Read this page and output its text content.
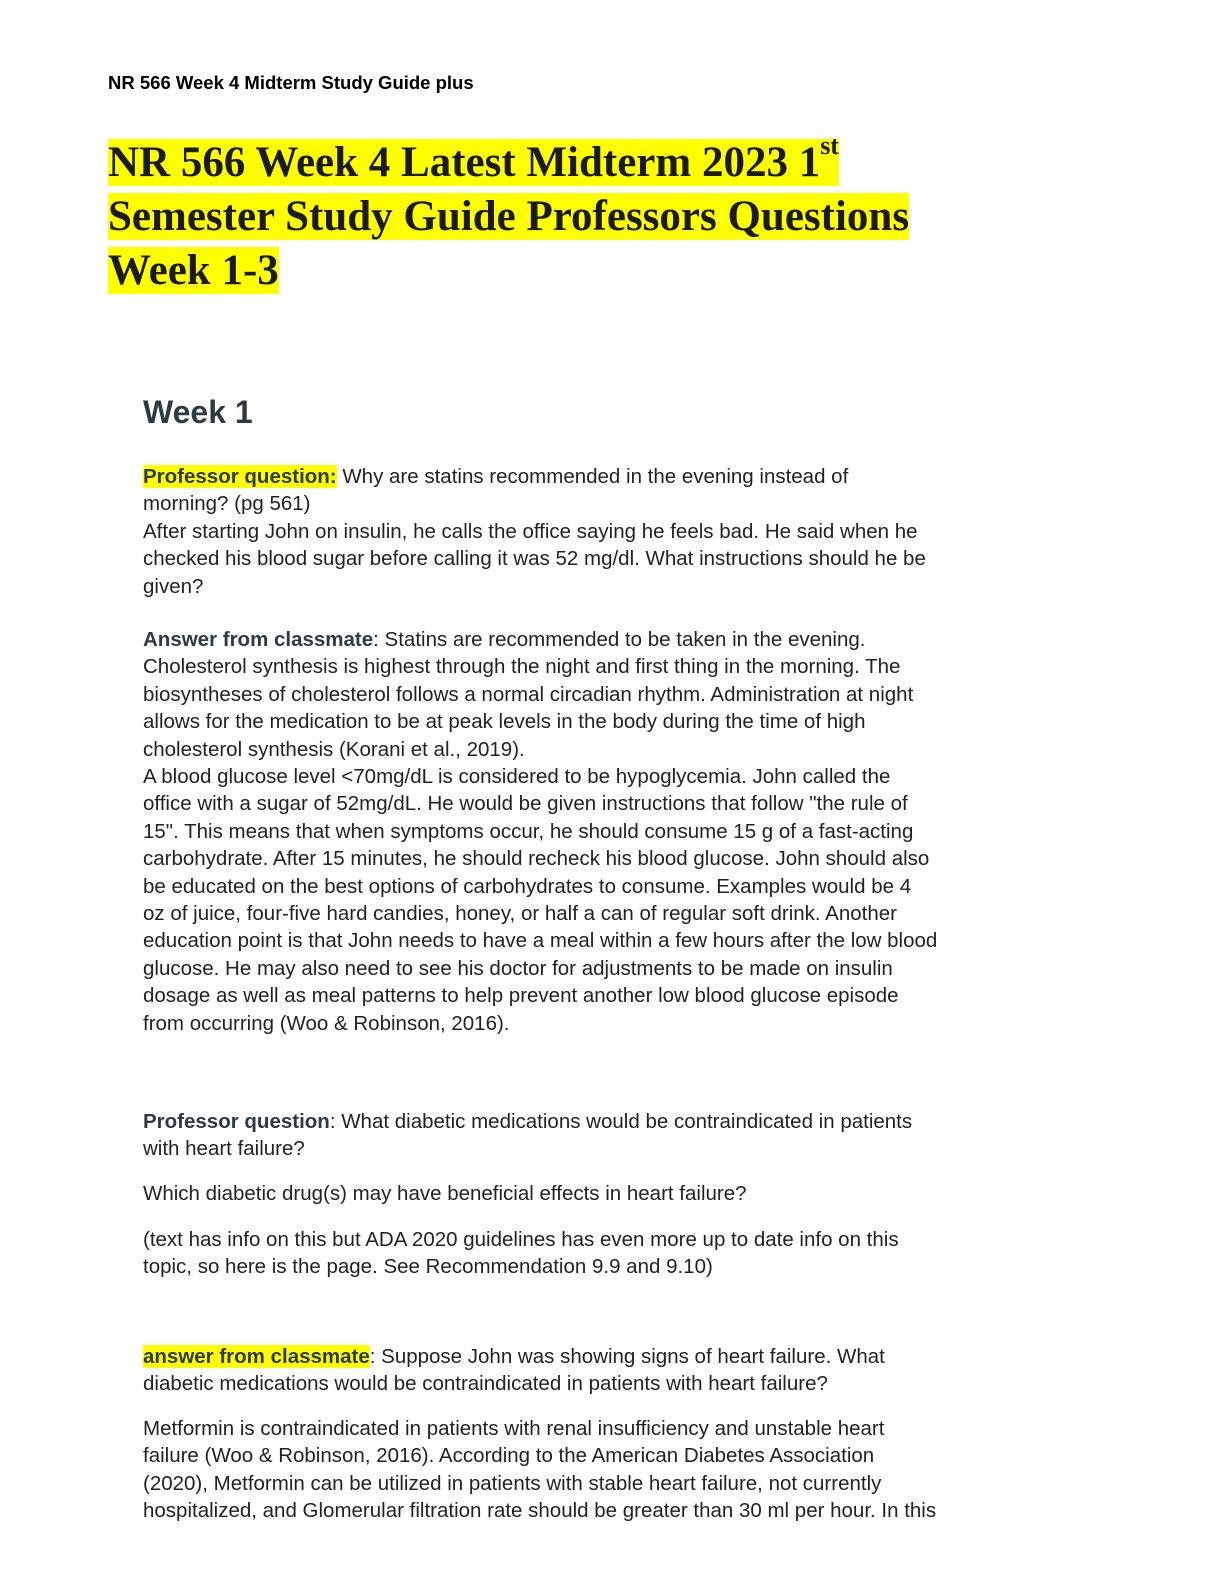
NR 566 Week 4 Midterm Study Guide plus
NR 566 Week 4 Latest Midterm 2023 1st
Semester Study Guide Professors Questions
Week 1-3
Week 1
Professor question: Why are statins recommended in the evening instead of
morning? (pg 561)
After starting John on insulin, he calls the office saying he feels bad. He said when he
checked his blood sugar before calling it was 52 mg/dl. What instructions should he be
given?
Answer from classmate: Statins are recommended to be taken in the evening.
Cholesterol synthesis is highest through the night and first thing in the morning. The
biosyntheses of cholesterol follows a normal circadian rhythm. Administration at night
allows for the medication to be at peak levels in the body during the time of high
cholesterol synthesis (Korani et al., 2019).
A blood glucose level <70mg/dL is considered to be hypoglycemia. John called the
office with a sugar of 52mg/dL. He would be given instructions that follow "the rule of
15". This means that when symptoms occur, he should consume 15 g of a fast-acting
carbohydrate. After 15 minutes, he should recheck his blood glucose. John should also
be educated on the best options of carbohydrates to consume. Examples would be 4
oz of juice, four-five hard candies, honey, or half a can of regular soft drink. Another
education point is that John needs to have a meal within a few hours after the low blood
glucose. He may also need to see his doctor for adjustments to be made on insulin
dosage as well as meal patterns to help prevent another low blood glucose episode
from occurring (Woo & Robinson, 2016).
Professor question: What diabetic medications would be contraindicated in patients
with heart failure?
Which diabetic drug(s) may have beneficial effects in heart failure?
(text has info on this but ADA 2020 guidelines has even more up to date info on this
topic, so here is the page. See Recommendation 9.9 and 9.10)
answer from classmate: Suppose John was showing signs of heart failure. What
diabetic medications would be contraindicated in patients with heart failure?
Metformin is contraindicated in patients with renal insufficiency and unstable heart
failure (Woo & Robinson, 2016). According to the American Diabetes Association
(2020), Metformin can be utilized in patients with stable heart failure, not currently
hospitalized, and Glomerular filtration rate should be greater than 30 ml per hour. In this
